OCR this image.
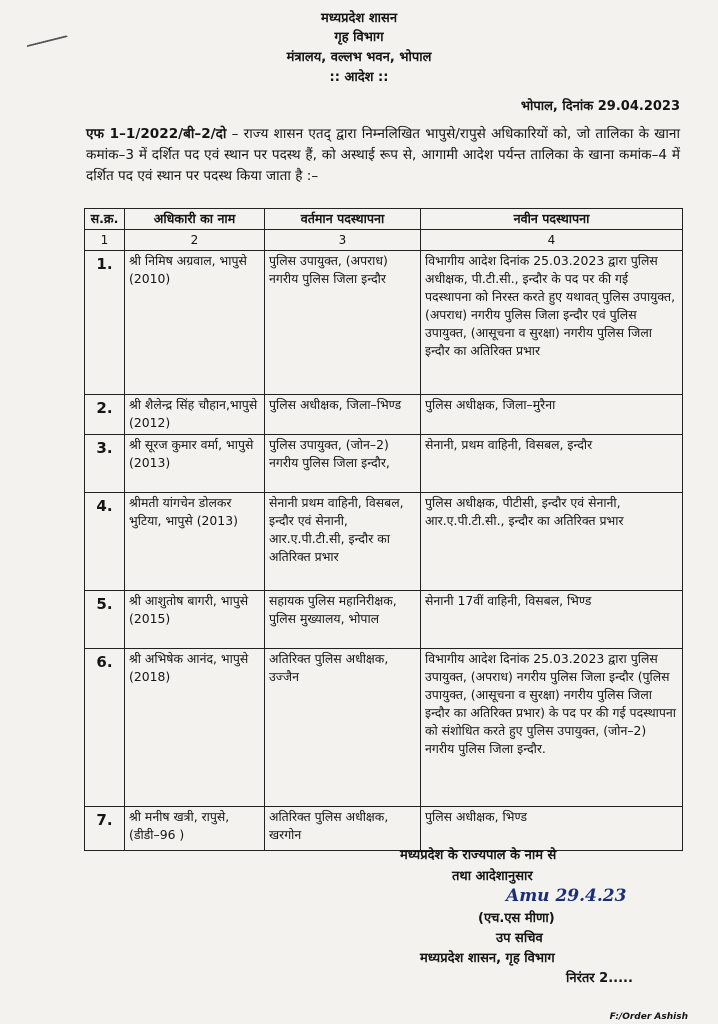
मध्यप्रदेश शासन
गृह विभाग
मंत्रालय, वल्लभ भवन, भोपाल
:: आदेश ::
भोपाल, दिनांक 29.04.2023
एफ 1–1/2022/बी–2/दो – राज्य शासन एतद् द्वारा निम्नलिखित भापुसे/रापुसे अधिकारियों को, जो तालिका के खाना कमांक–3 में दर्शित पद एवं स्थान पर पदस्थ हैं, को अस्थाई रूप से, आगामी आदेश पर्यन्त तालिका के खाना कमांक–4 में दर्शित पद एवं स्थान पर पदस्थ किया जाता है :–
स.क्र.	अधिकारी का नाम	वर्तमान पदस्थापना	नवीन पदस्थापना
1	2	3	4
1.	श्री निमिष अग्रवाल, भापुसे (2010)	पुलिस उपायुक्त, (अपराध) नगरीय पुलिस जिला इन्दौर	विभागीय आदेश दिनांक 25.03.2023 द्वारा पुलिस अधीक्षक, पी.टी.सी., इन्दौर के पद पर की गई पदस्थापना को निरस्त करते हुए यथावत् पुलिस उपायुक्त, (अपराध) नगरीय पुलिस जिला इन्दौर एवं पुलिस उपायुक्त, (आसूचना व सुरक्षा) नगरीय पुलिस जिला इन्दौर का अतिरिक्त प्रभार
2.	श्री शैलेन्द्र सिंह चौहान,भापुसे (2012)	पुलिस अधीक्षक, जिला–भिण्ड	पुलिस अधीक्षक, जिला–मुरैना
3.	श्री सूरज कुमार वर्मा, भापुसे (2013)	पुलिस उपायुक्त, (जोन–2) नगरीय पुलिस जिला इन्दौर,	सेनानी, प्रथम वाहिनी, विसबल, इन्दौर
4.	श्रीमती यांगचेन डोलकर भुटिया, भापुसे (2013)	सेनानी प्रथम वाहिनी, विसबल, इन्दौर एवं सेनानी, आर.ए.पी.टी.सी, इन्दौर का अतिरिक्त प्रभार	पुलिस अधीक्षक, पीटीसी, इन्दौर एवं सेनानी, आर.ए.पी.टी.सी., इन्दौर का अतिरिक्त प्रभार
5.	श्री आशुतोष बागरी, भापुसे (2015)	सहायक पुलिस महानिरीक्षक, पुलिस मुख्यालय, भोपाल	सेनानी 17वीं वाहिनी, विसबल, भिण्ड
6.	श्री अभिषेक आनंद, भापुसे (2018)	अतिरिक्त पुलिस अधीक्षक, उज्जैन	विभागीय आदेश दिनांक 25.03.2023 द्वारा पुलिस उपायुक्त, (अपराध) नगरीय पुलिस जिला इन्दौर (पुलिस उपायुक्त, (आसूचना व सुरक्षा) नगरीय पुलिस जिला इन्दौर का अतिरिक्त प्रभार) के पद पर की गई पदस्थापना को संशोधित करते हुए पुलिस उपायुक्त, (जोन–2) नगरीय पुलिस जिला इन्दौर.
7.	श्री मनीष खत्री, रापुसे, (डीडी–96 )	अतिरिक्त पुलिस अधीक्षक, खरगोन	पुलिस अधीक्षक, भिण्ड
मध्यप्रदेश के राज्यपाल के नाम से
तथा आदेशानुसार
Amu 29.4.23
(एच.एस मीणा)
उप सचिव
मध्यप्रदेश शासन, गृह विभाग
निरंतर 2.....
F:/Order Ashish
